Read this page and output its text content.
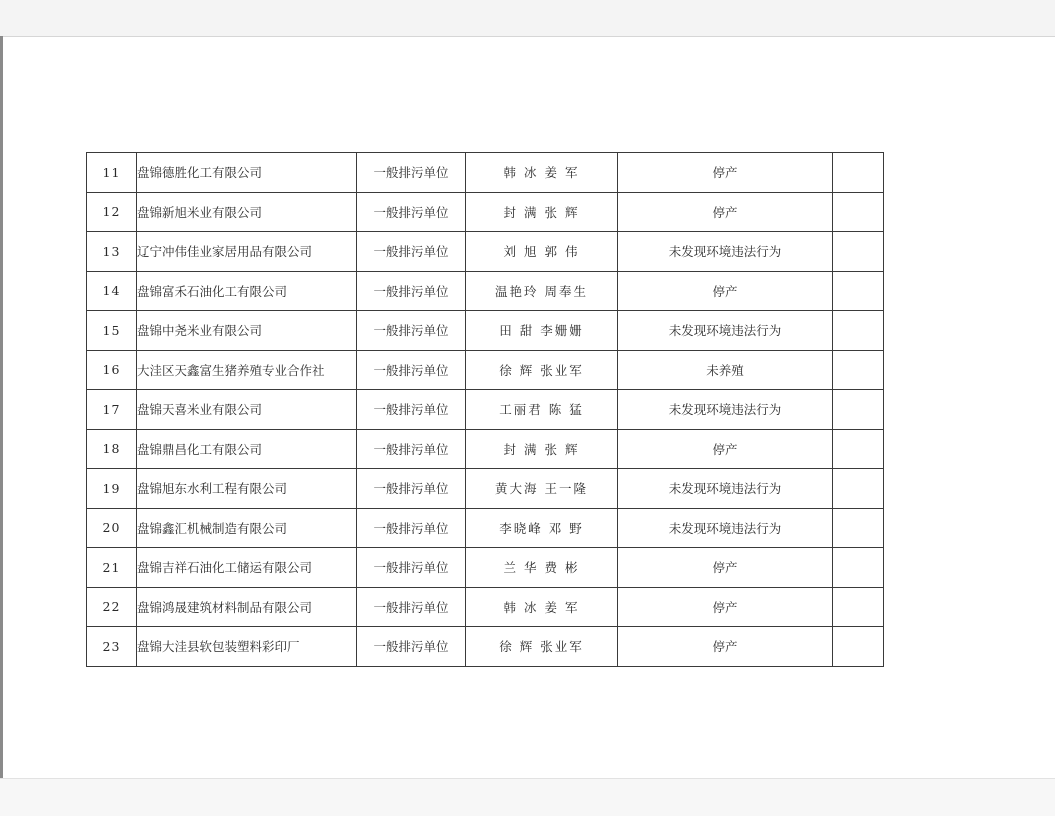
11	盘锦德胜化工有限公司	一般排污单位	韩 冰 姜 军	停产	
12	盘锦新旭米业有限公司	一般排污单位	封 满 张 辉	停产	
13	辽宁冲伟佳业家居用品有限公司	一般排污单位	刘 旭 郭 伟	未发现环境违法行为	
14	盘锦富禾石油化工有限公司	一般排污单位	温艳玲 周奉生	停产	
15	盘锦中尧米业有限公司	一般排污单位	田 甜 李姗姗	未发现环境违法行为	
16	大洼区天鑫富生猪养殖专业合作社	一般排污单位	徐 辉 张业军	未养殖	
17	盘锦天喜米业有限公司	一般排污单位	工丽君 陈 猛	未发现环境违法行为	
18	盘锦鼎昌化工有限公司	一般排污单位	封 满 张 辉	停产	
19	盘锦旭东水利工程有限公司	一般排污单位	黄大海 王一隆	未发现环境违法行为	
20	盘锦鑫汇机械制造有限公司	一般排污单位	李晓峰 邓 野	未发现环境违法行为	
21	盘锦吉祥石油化工储运有限公司	一般排污单位	兰 华 费 彬	停产	
22	盘锦鸿晟建筑材料制品有限公司	一般排污单位	韩 冰 姜 军	停产	
23	盘锦大洼县软包装塑料彩印厂	一般排污单位	徐 辉 张业军	停产	
